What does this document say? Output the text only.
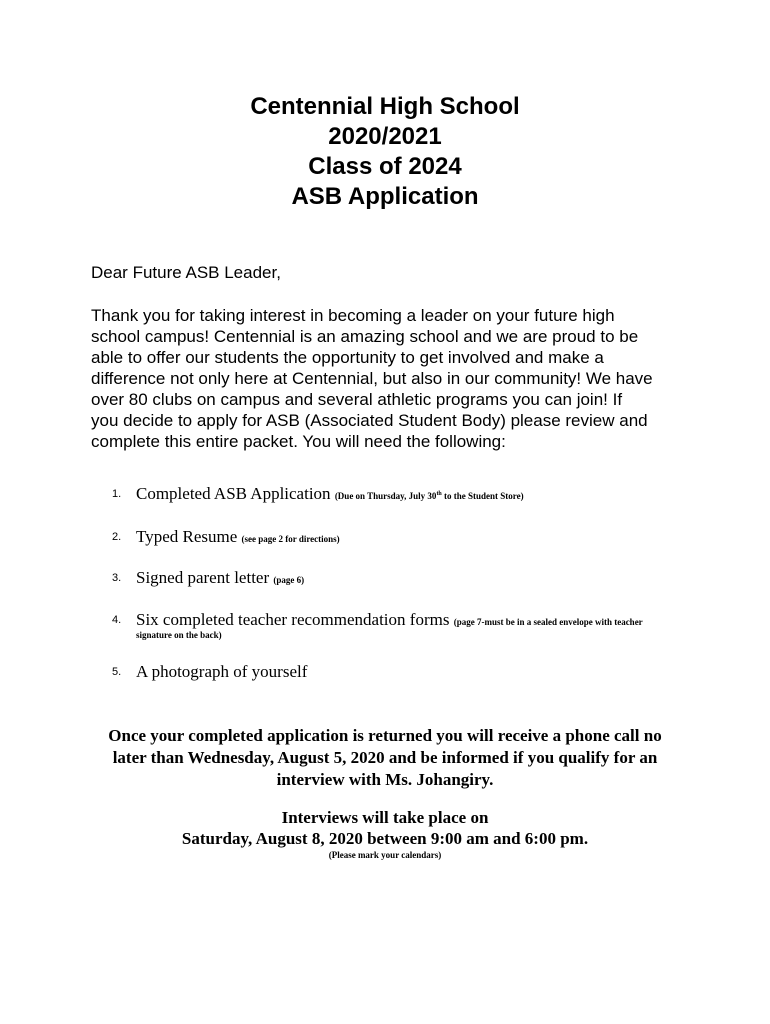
Centennial High School
2020/2021
Class of 2024
ASB Application
Dear Future ASB Leader,
Thank you for taking interest in becoming a leader on your future high
school campus! Centennial is an amazing school and we are proud to be
able to offer our students the opportunity to get involved and make a
difference not only here at Centennial, but also in our community! We have
over 80 clubs on campus and several athletic programs you can join! If
you decide to apply for ASB (Associated Student Body) please review and
complete this entire packet. You will need the following:
1. Completed ASB Application (Due on Thursday, July 30th to the Student Store)
2. Typed Resume (see page 2 for directions)
3. Signed parent letter (page 6)
4. Six completed teacher recommendation forms (page 7-must be in a sealed envelope with teacher
signature on the back)
5. A photograph of yourself
Once your completed application is returned you will receive a phone call no
later than Wednesday, August 5, 2020 and be informed if you qualify for an
interview with Ms. Johangiry.
Interviews will take place on
Saturday, August 8, 2020 between 9:00 am and 6:00 pm.
(Please mark your calendars)
